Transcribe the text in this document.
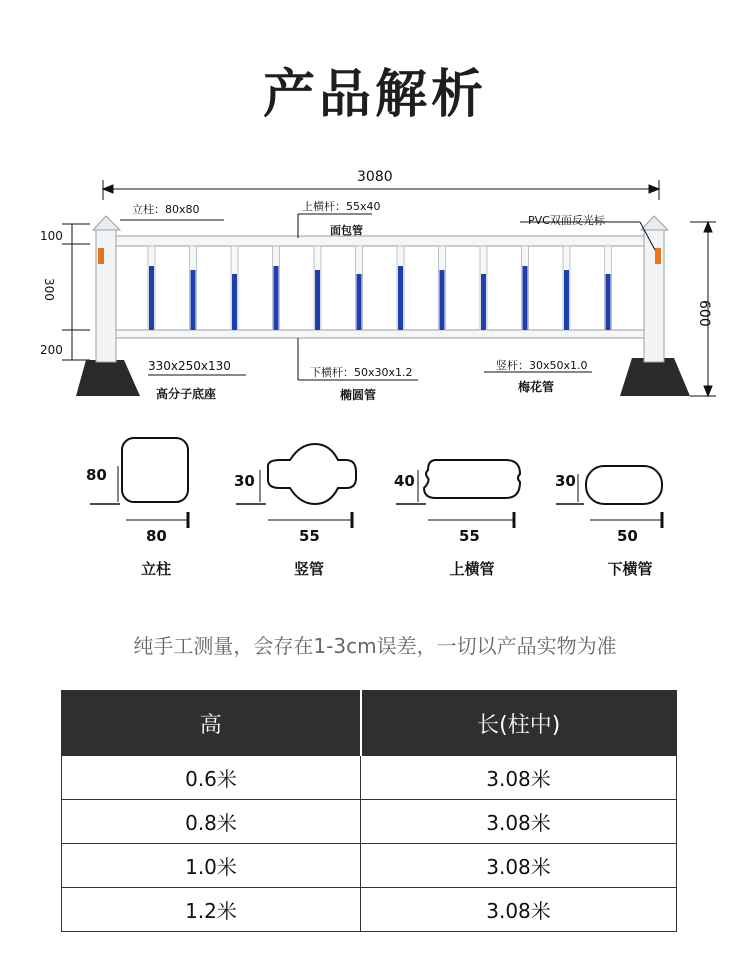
产品解析
3080
600
100
300
200
立柱：80x80	上横杆：55x40
面包管
PVC双面反光标
330x250x130
高分子底座
下横杆：50x30x1.2
椭圆管
竖杆：30x50x1.0
梅花管
80
80
立柱
30
55
竖管
40
55
上横管
30
50
下横管
纯手工测量，会存在1-3cm误差，一切以产品实物为准
高	长(柱中)
0.6米	3.08米
0.8米	3.08米
1.0米	3.08米
1.2米	3.08米
